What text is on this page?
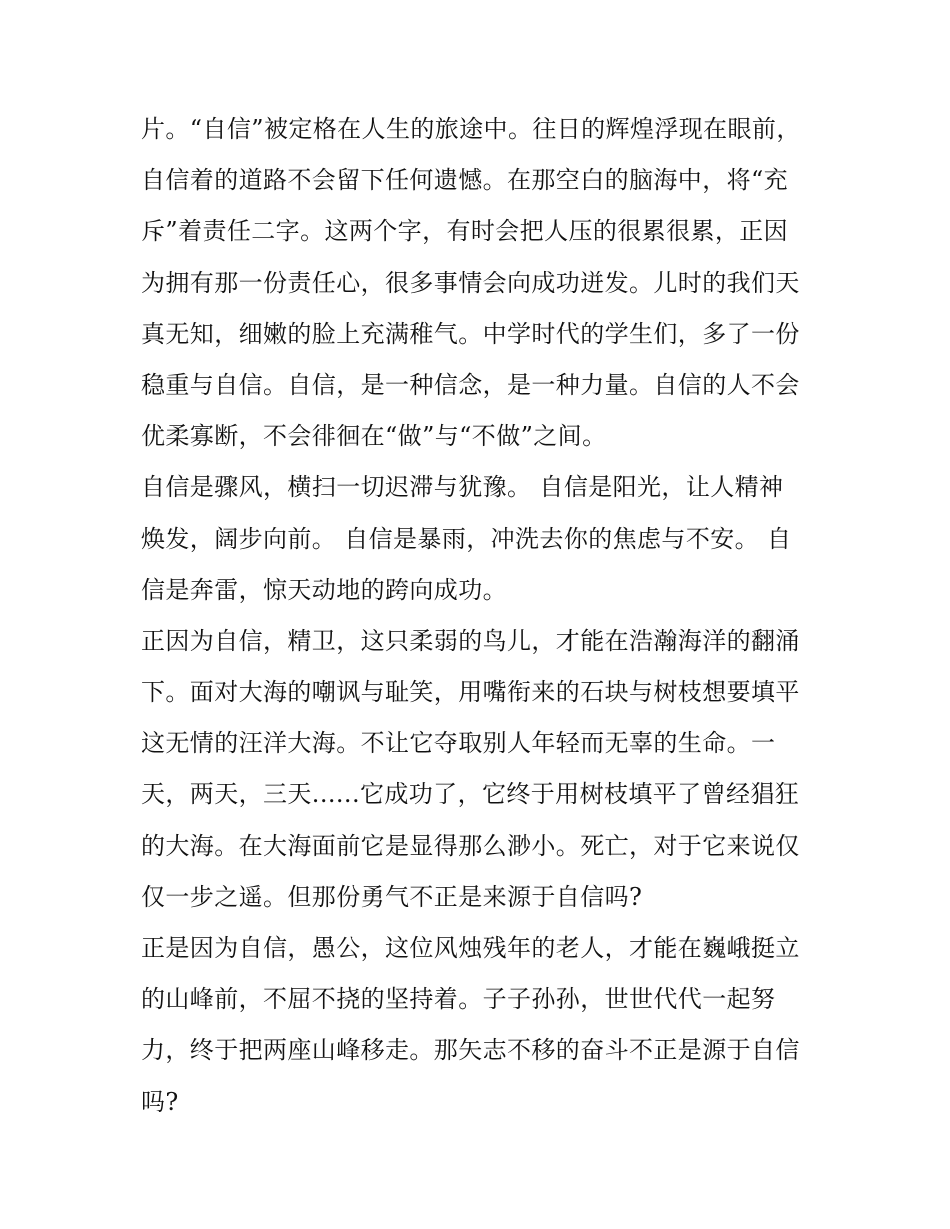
片。“自信”被定格在人生的旅途中。往日的辉煌浮现在眼前，
自信着的道路不会留下任何遗憾。在那空白的脑海中，将“充
斥”着责任二字。这两个字，有时会把人压的很累很累，正因
为拥有那一份责任心，很多事情会向成功迸发。儿时的我们天
真无知，细嫩的脸上充满稚气。中学时代的学生们，多了一份
稳重与自信。自信，是一种信念，是一种力量。自信的人不会
优柔寡断，不会徘徊在“做”与“不做”之间。
自信是骤风，横扫一切迟滞与犹豫。 自信是阳光，让人精神
焕发，阔步向前。 自信是暴雨，冲洗去你的焦虑与不安。 自
信是奔雷，惊天动地的跨向成功。
正因为自信，精卫，这只柔弱的鸟儿，才能在浩瀚海洋的翻涌
下。面对大海的嘲讽与耻笑，用嘴衔来的石块与树枝想要填平
这无情的汪洋大海。不让它夺取别人年轻而无辜的生命。一
天，两天，三天......它成功了，它终于用树枝填平了曾经猖狂
的大海。在大海面前它是显得那么渺小。死亡，对于它来说仅
仅一步之遥。但那份勇气不正是来源于自信吗?
正是因为自信，愚公，这位风烛残年的老人，才能在巍峨挺立
的山峰前，不屈不挠的坚持着。子子孙孙，世世代代一起努
力，终于把两座山峰移走。那矢志不移的奋斗不正是源于自信
吗?
